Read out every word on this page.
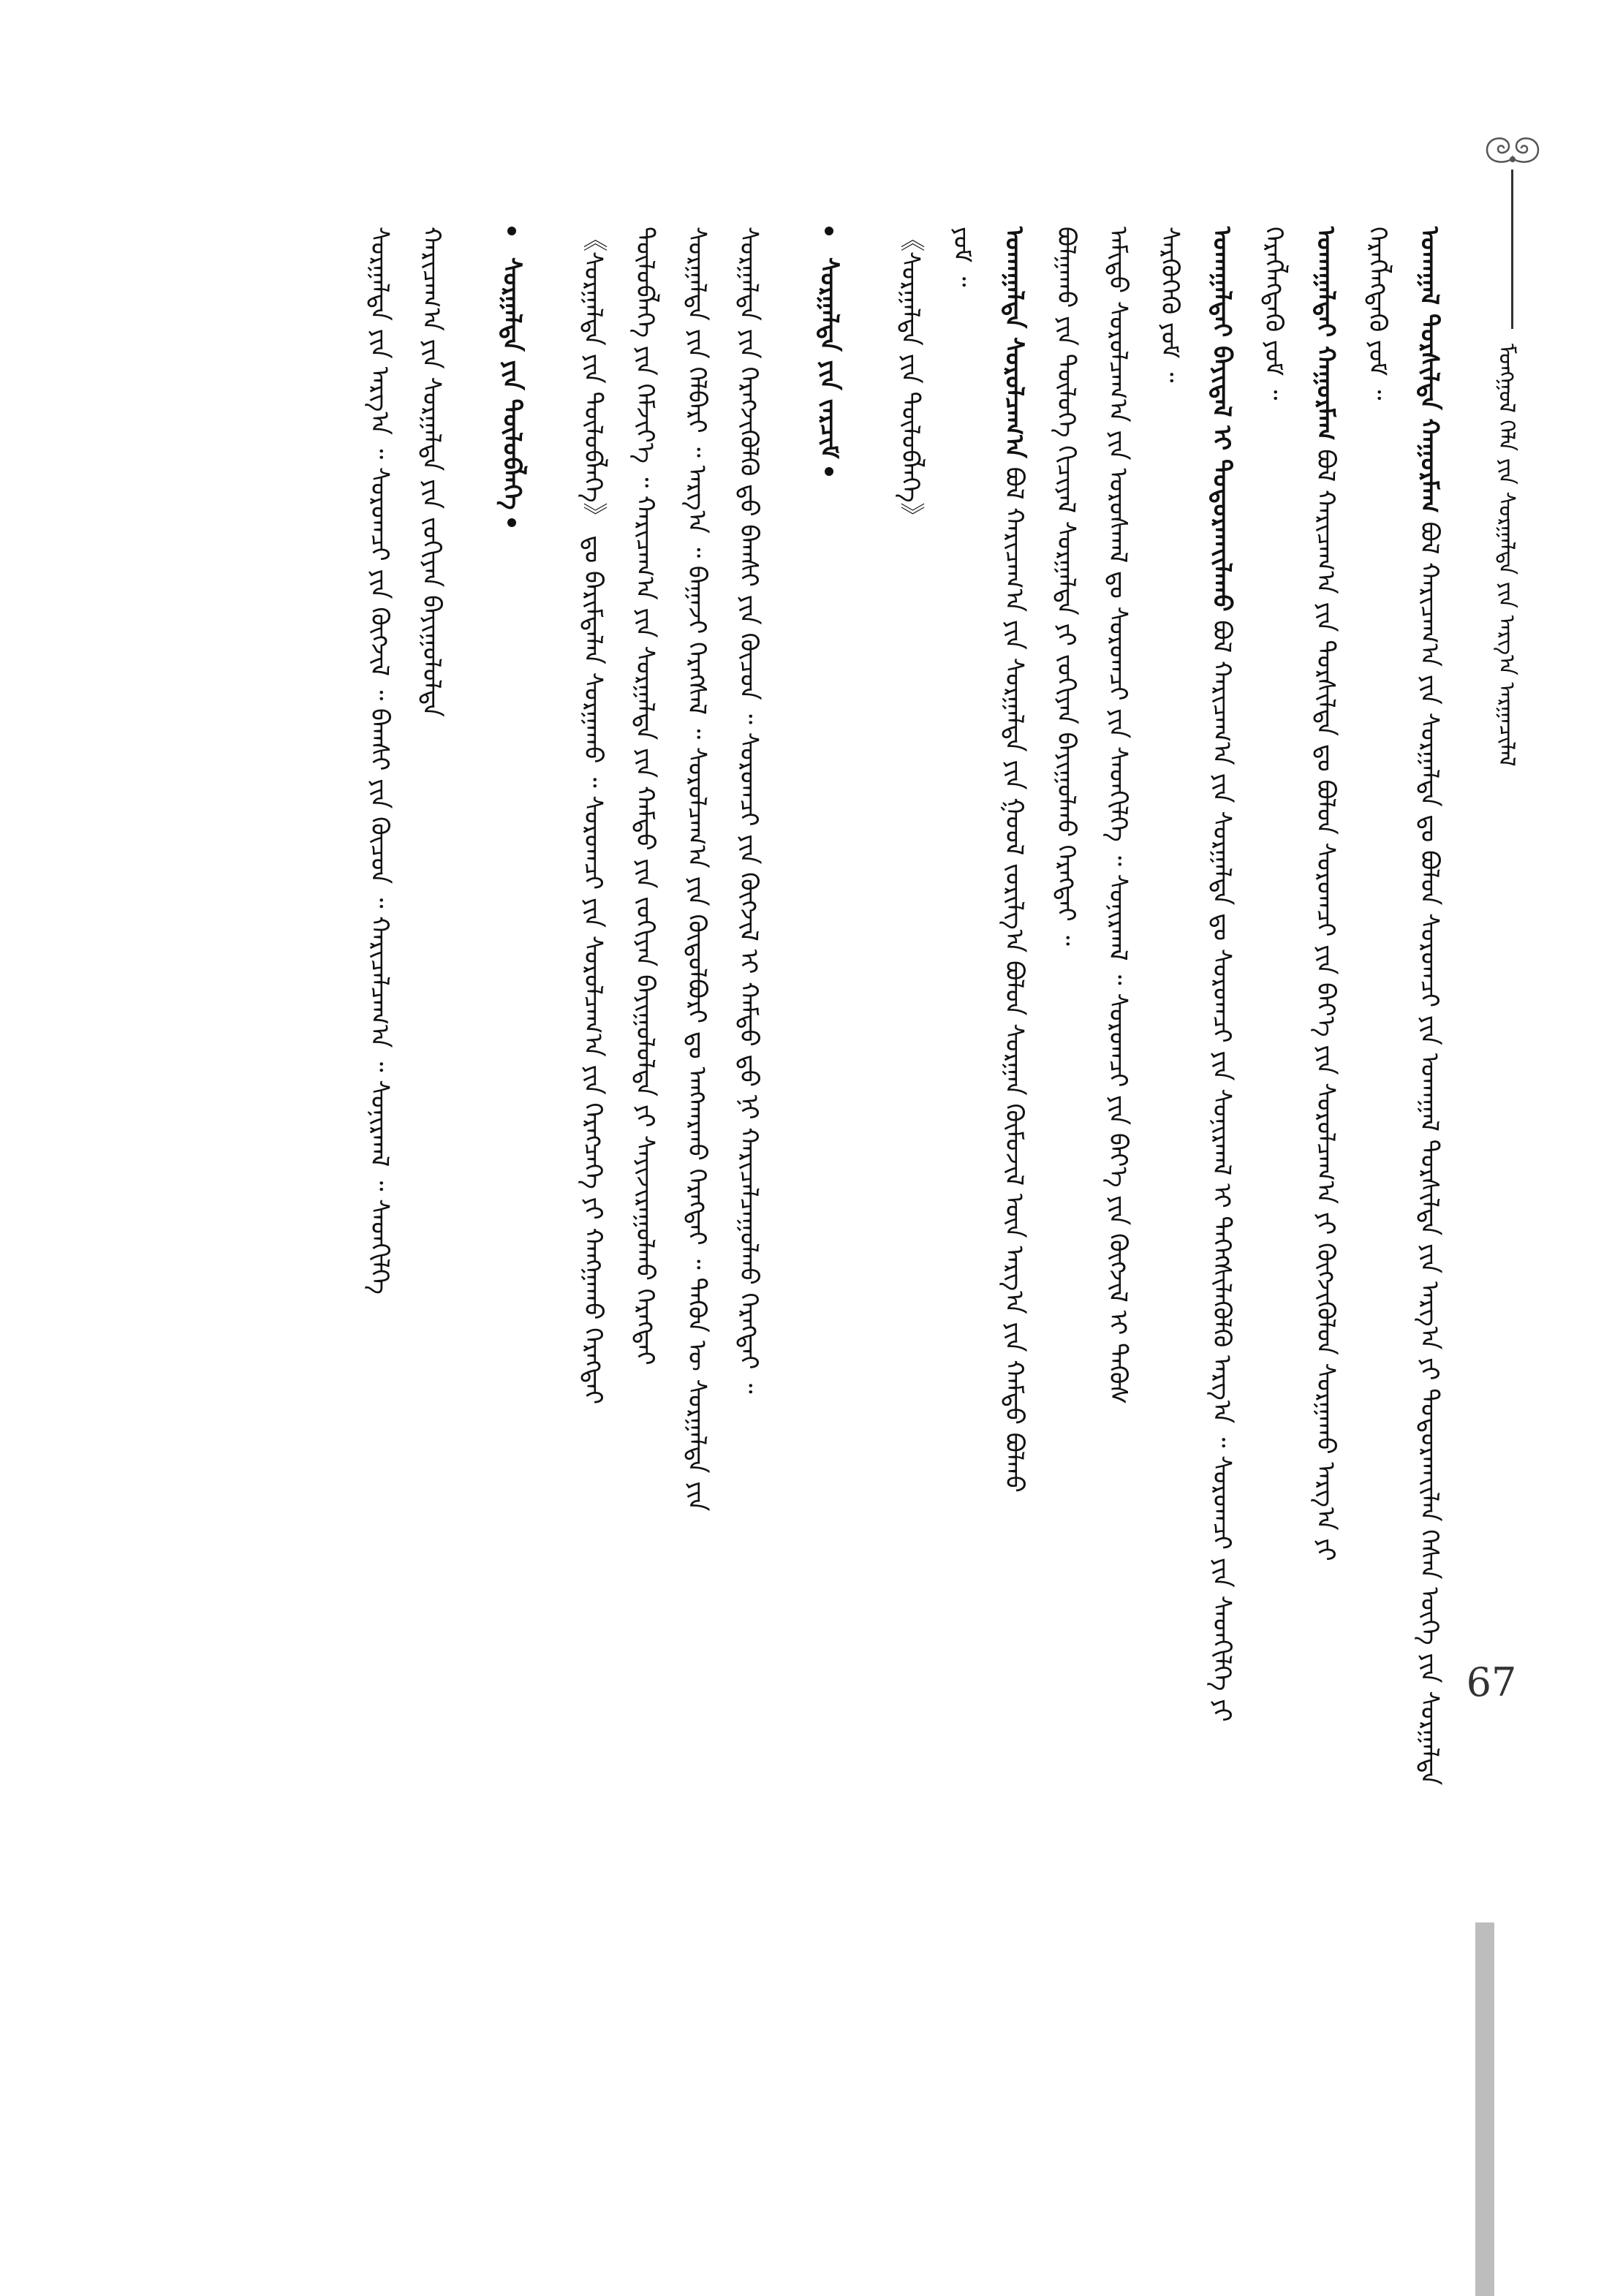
ᠮᠣᠩᠭᠣᠯ ᠬᠡᠯᠡ ᠶᠢᠨ ᠰᠤᠷᠭᠠᠯᠲᠠ ᠶᠢᠨ ᠠᠷᠭ᠎ᠠ ᠠᠷᠭᠠᠴᠢᠯᠠᠯ
67

ᠤᠬᠠᠭᠠᠯ ᠲᠤᠷᠰᠢᠯᠲᠠ ᠬᠠᠭᠤᠷᠮᠠᠭ ᠪᠣᠯ ᠬᠠᠷᠢᠴᠠᠭ᠎ᠠ ᠶᠢᠨ ᠰᠤᠷᠭᠠᠯᠲᠠ ᠳᠤ ᠪᠣᠯᠤᠨ ᠰᠤᠷᠤᠭᠴᠢ ᠶᠢᠨ ᠤᠬᠠᠭᠠᠯ ᠲᠤᠷᠰᠢᠯᠲᠠ ᠶᠢᠨ ᠠᠷᠭ᠎ᠠ ᠶᠢ ᠲᠣᠳᠣᠷᠬᠠᠶ᠋ᠢᠯᠠᠨ ᠭᠡᠰᠡᠨ ᠦᠭᠡ ᠶᠢᠨ ᠰᠤᠷᠭᠠᠯᠲᠠ

ᠬᠡᠷᠡᠭᠯᠡᠭᠳᠡᠬᠦ ᠶᠤᠮ ᠃

ᠤᠬᠠᠭᠠᠯᠲᠠᠢ ᠬᠠᠭᠤᠷᠮᠠᠭ ᠪᠣᠯ ᠬᠠᠷᠢᠴᠠᠭ᠎ᠠ ᠶᠢᠨ ᠲᠤᠷᠰᠢᠯᠲᠠ ᠳᠤ ᠪᠣᠯᠤᠨ ᠰᠤᠷᠤᠭᠴᠢ ᠶᠢᠨ ᠪᠡᠶ᠎ᠡ ᠶᠢᠨ ᠰᠤᠷᠤᠯᠴᠠᠭ᠎ᠠ ᠶᠢ ᠬᠥᠭᠵᠢᠭᠦᠯᠦᠨ ᠰᠤᠷᠭᠠᠬᠤ ᠠᠷᠭ᠎ᠠ ᠶᠢ

ᠬᠡᠷᠡᠭᠯᠡᠭᠳᠡᠬᠦ ᠶᠤᠮ ᠃

ᠤᠬᠠᠭᠠᠯᠲᠠᠢ ᠪᠠᠶᠢᠳᠠᠯ ᠢ ᠲᠣᠳᠣᠷᠬᠠᠶ᠋ᠢᠯᠠᠬᠤ ᠪᠣᠯ ᠬᠠᠷᠢᠴᠠᠭ᠎ᠠ ᠶᠢᠨ ᠰᠤᠷᠭᠠᠯᠲᠠ ᠳᠤ ᠰᠤᠷᠤᠭᠴᠢ ᠶᠢᠨ ᠰᠣᠨᠢᠷᠬᠠᠯ ᠢ ᠳᠡᠭᠡᠭᠰᠢᠯᠡᠭᠦᠯᠬᠦ ᠠᠷᠭ᠎ᠠ ᠃ ᠰᠤᠷᠤᠭᠴᠢ ᠶᠢᠨ ᠰᠡᠳᠬᠢᠯᠭᠡ ᠶᠢ

ᠰᠡᠷᠭᠦᠭᠡᠬᠦ ᠶᠤᠮ ᠃

ᠠᠮᠢᠳᠤ ᠰᠤᠷᠤᠯᠴᠠᠭ᠎ᠠ ᠶᠢᠨ ᠤᠷᠤᠰᠬᠠᠯ ᠳᠤ ᠰᠤᠷᠤᠭᠴᠢ ᠶᠢᠨ ᠰᠡᠳᠬᠢᠯᠭᠡ ᠃ ᠰᠣᠨᠢᠷᠬᠠᠯ ᠃ ᠰᠤᠷᠤᠭᠴᠢ ᠶᠢᠨ ᠪᠡᠶ᠎ᠡ ᠶᠢᠨ ᠬᠥᠭᠵᠢᠯ ᠢ ᠲᠡᠭᠦᠰ

ᠪᠣᠯᠭᠠᠬᠤ ᠶᠢᠨ ᠲᠥᠯᠦᠭᠡ ᠬᠢᠴᠢᠶᠡᠯ ᠰᠤᠷᠭᠠᠯᠲᠠ ᠶᠢ ᠵᠣᠬᠢᠶᠠᠨ ᠪᠠᠶᠢᠭᠤᠯᠬᠤ ᠬᠡᠷᠡᠭᠲᠡᠢ ᠃

ᠤᠬᠠᠭᠠᠯᠲᠠ ᠰᠤᠷᠤᠯᠴᠠᠭ᠎ᠠ ᠪᠣᠯ ᠬᠠᠷᠢᠴᠠᠭ᠎ᠠ ᠶᠢᠨ ᠰᠤᠷᠭᠠᠯᠲᠠ ᠶᠢᠨ ᠭᠣᠤᠯ ᠵᠣᠷᠢᠯᠭ᠎ᠠ ᠪᠣᠯᠤᠨ ᠰᠤᠷᠭᠠᠨ ᠬᠥᠮᠦᠵᠢᠯ ᠦᠨ ᠠᠷᠭ᠎ᠠ ᠶᠢᠨ ᠬᠠᠮᠲᠤ ᠪᠣᠯᠬᠤ

ᠶᠤᠮ ᠃

《ᠰᠤᠷᠭᠠᠯᠲᠠ ᠶᠢᠨ ᠲᠥᠯᠦᠪᠯᠡᠭᠡ》

ᠰᠤᠷᠭᠠᠯᠲᠠ ᠶᠢᠨ ᠵᠠᠷᠴᠢᠮ

ᠰᠤᠷᠭᠠᠯᠲᠠ ᠶᠢᠨ ᠬᠡᠷᠡᠭᠵᠢᠭᠦᠯᠬᠦ ᠳ᠋ᠤ ᠪᠠᠭᠰᠢ ᠶᠢᠨ ᠬᠦᠴᠦᠨ ᠃ ᠰᠤᠷᠤᠭᠴᠢ ᠶᠢᠨ ᠬᠥᠭᠵᠢᠯ ᠢ ᠬᠠᠮᠲᠤ ᠳ᠋ᠤ ᠨᠢ ᠬᠠᠷᠢᠴᠠᠯᠴᠠᠭᠤᠯᠬᠤ ᠬᠡᠷᠡᠭᠲᠡᠢ ᠃

ᠰᠤᠷᠭᠠᠯᠲᠠ ᠶᠢᠨ ᠬᠡᠯᠪᠡᠷᠢ ᠃ ᠠᠷᠭ᠎ᠠ ᠃ ᠪᠠᠭᠠᠵᠢ ᠬᠡᠷᠡᠭᠰᠡᠯ ᠃ ᠰᠤᠷᠤᠯᠴᠠᠭ᠎ᠠ ᠶᠢᠨ ᠬᠥᠲᠦᠯᠪᠦᠷᠢ ᠳᠤ ᠠᠩᠬᠠᠷᠬᠤ ᠬᠡᠷᠡᠭᠲᠡᠢ ᠃ ᠲᠡᠭᠦᠨ ᠦ ᠰᠤᠷᠭᠠᠯᠲᠠ ᠶᠢᠨ

ᠲᠥᠯᠦᠪᠯᠡᠭᠡ ᠶᠢᠨ ᠬᠡᠮᠵᠢᠶ᠎ᠡ ᠃ ᠬᠠᠷᠢᠴᠠᠭ᠎ᠠ ᠶᠢᠨ ᠰᠤᠷᠭᠠᠯᠲᠠ ᠶᠢᠨ ᠬᠠᠮᠲᠤ ᠶᠢᠨ ᠵᠣᠬᠢᠶᠠᠨ ᠪᠠᠶᠢᠭᠤᠯᠤᠯᠲᠠ ᠶᠢ ᠰᠠᠶᠢᠵᠢᠷᠠᠭᠤᠯᠬᠤ ᠬᠡᠷᠡᠭᠲᠡᠢ

《ᠰᠤᠷᠭᠠᠯᠲᠠ ᠶᠢᠨ ᠲᠥᠯᠦᠪᠯᠡᠭᠡ》 ᠳᠤ ᠪᠠᠷᠢᠮᠲᠠᠯᠠᠨ ᠰᠤᠷᠭᠠᠬᠤ ᠃ ᠰᠤᠷᠤᠭᠴᠢ ᠶᠢᠨ ᠰᠤᠷᠤᠯᠴᠠᠭ᠎ᠠ ᠶᠢᠨ ᠬᠡᠷᠡᠭᠴᠡᠭᠡ ᠶᠢ ᠬᠠᠩᠭᠠᠬᠤ ᠬᠡᠷᠡᠭᠲᠡᠢ

ᠰᠤᠷᠭᠠᠯᠲᠠ ᠶᠢᠨ ᠲᠥᠯᠦᠪᠯᠡᠭᠡ

ᠬᠠᠷᠢᠴᠠᠭ᠎ᠠ ᠶᠢᠨ ᠰᠤᠷᠭᠠᠯᠲᠠ ᠶᠢᠨ ᠵᠣᠬᠢᠶᠠᠨ ᠪᠠᠶᠢᠭᠤᠯᠤᠯᠲᠠ

ᠰᠤᠷᠭᠠᠯᠲᠠ ᠶᠢᠨ ᠠᠷᠭ᠎ᠠ ᠃ ᠰᠤᠷᠤᠭᠴᠢ ᠶᠢᠨ ᠬᠥᠭᠵᠢᠯ ᠃ ᠪᠠᠭᠰᠢ ᠶᠢᠨ ᠬᠦᠴᠦᠨ ᠃ ᠬᠠᠷᠢᠴᠠᠯᠴᠠᠭ᠎ᠠ ᠃ ᠰᠣᠨᠢᠷᠬᠠᠯ ᠃ ᠰᠡᠳᠬᠢᠯᠭᠡ
